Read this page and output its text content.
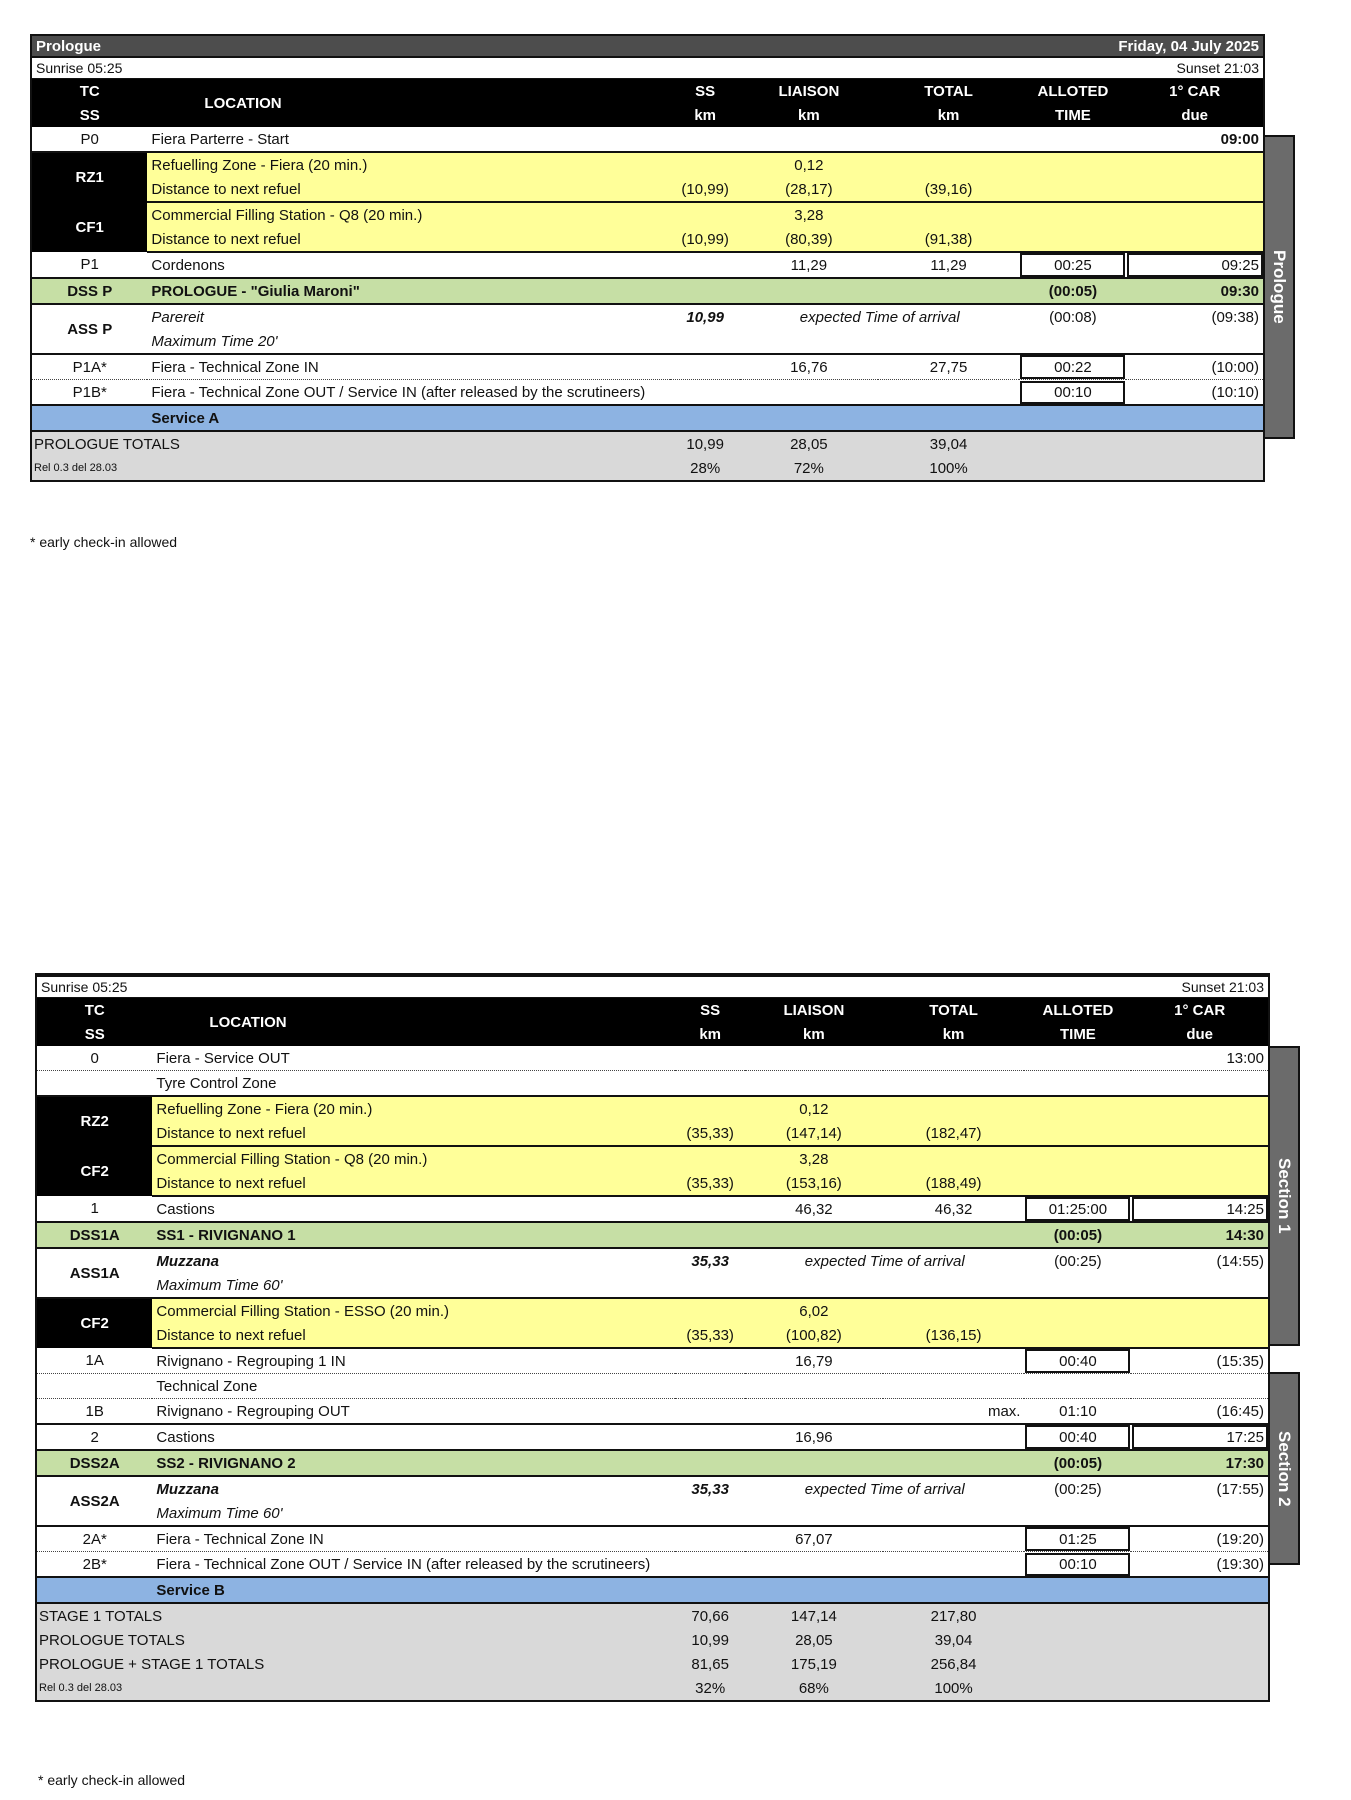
Prologue	Friday, 04 July 2025
Sunrise 05:25	Sunset 21:03
TC	LOCATION	SS	LIAISON	TOTAL	ALLOTED	1° CAR
SS		km	km	km	TIME	due
P0	Fiera Parterre - Start					09:00
RZ1	Refuelling Zone - Fiera (20 min.)		0,12			
	Distance to next refuel	(10,99)	(28,17)	(39,16)		
CF1	Commercial Filling Station - Q8 (20 min.)		3,28			
	Distance to next refuel	(10,99)	(80,39)	(91,38)		
P1	Cordenons		11,29	11,29	00:25	09:25
DSS P	PROLOGUE - "Giulia Maroni"				(00:05)	09:30
ASS P	Parereit	10,99	expected Time of arrival		(00:08)	(09:38)
	Maximum Time 20'					
P1A*	Fiera - Technical Zone IN		16,76	27,75	00:22	(10:00)
P1B*	Fiera - Technical Zone OUT / Service IN (after released by the scrutineers)				00:10	(10:10)
	Service A					
PROLOGUE TOTALS		10,99	28,05	39,04		
Rel 0.3 del 28.03		28%	72%	100%		
Prologue
* early check-in allowed
Sunrise 05:25	Sunset 21:03
TC	LOCATION	SS	LIAISON	TOTAL	ALLOTED	1° CAR
SS		km	km	km	TIME	due
0	Fiera - Service OUT					13:00
	Tyre Control Zone					
RZ2	Refuelling Zone - Fiera (20 min.)		0,12			
	Distance to next refuel	(35,33)	(147,14)	(182,47)		
CF2	Commercial Filling Station - Q8 (20 min.)		3,28			
	Distance to next refuel	(35,33)	(153,16)	(188,49)		
1	Castions		46,32	46,32	01:25:00	14:25
DSS1A	SS1 - RIVIGNANO 1				(00:05)	14:30
ASS1A	Muzzana	35,33	expected Time of arrival		(00:25)	(14:55)
	Maximum Time 60'					
CF2	Commercial Filling Station - ESSO (20 min.)		6,02			
	Distance to next refuel	(35,33)	(100,82)	(136,15)		
1A	Rivignano - Regrouping 1 IN		16,79		00:40	(15:35)
	Technical Zone					
1B	Rivignano - Regrouping OUT			max.	01:10	(16:45)
2	Castions		16,96		00:40	17:25
DSS2A	SS2 - RIVIGNANO 2				(00:05)	17:30
ASS2A	Muzzana	35,33	expected Time of arrival		(00:25)	(17:55)
	Maximum Time 60'					
2A*	Fiera - Technical Zone IN		67,07		01:25	(19:20)
2B*	Fiera - Technical Zone OUT / Service IN (after released by the scrutineers)				00:10	(19:30)
	Service B					
STAGE 1 TOTALS		70,66	147,14	217,80		
PROLOGUE TOTALS		10,99	28,05	39,04		
PROLOGUE + STAGE 1 TOTALS		81,65	175,19	256,84		
Rel 0.3 del 28.03		32%	68%	100%		
Section 1
Section 2
* early check-in allowed
